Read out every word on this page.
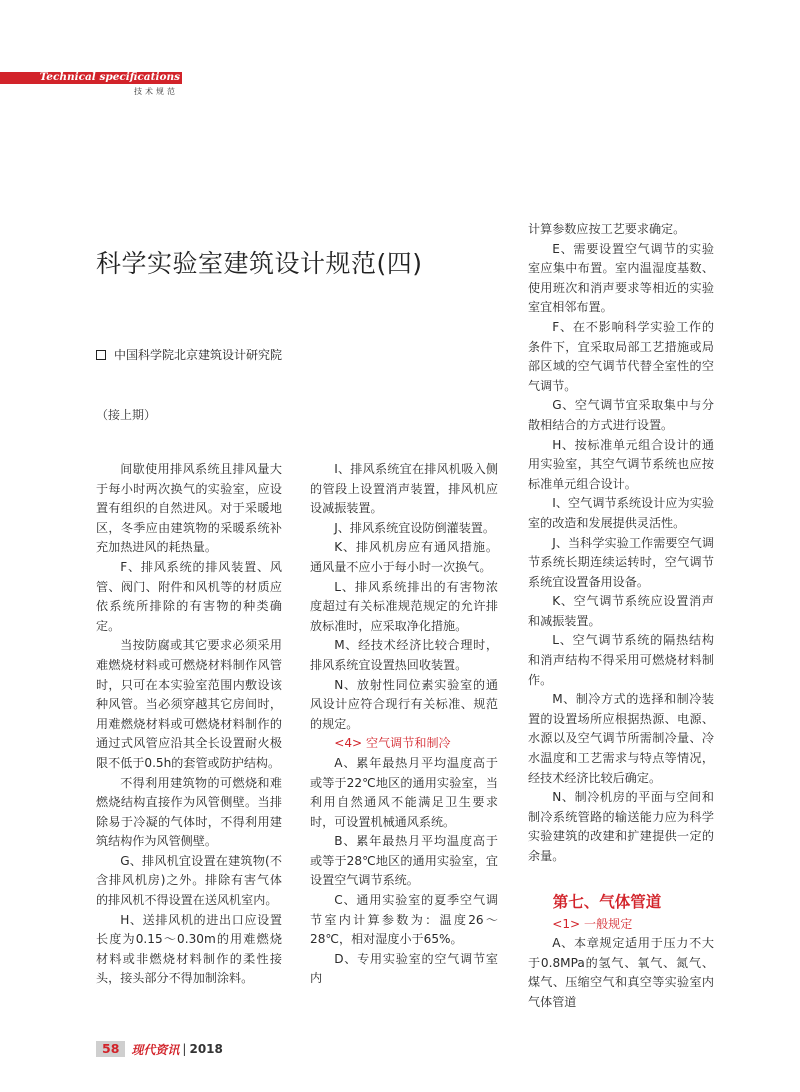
Technical specifications
技术规范
科学实验室建筑设计规范(四)
中国科学院北京建筑设计研究院
（接上期）

间歇使用排风系统且排风量大于每小时两次换气的实验室，应设置有组织的自然进风。对于采暖地区，冬季应由建筑物的采暖系统补充加热进风的耗热量。

F、排风系统的排风装置、风管、阀门、附件和风机等的材质应依系统所排除的有害物的种类确定。

当按防腐或其它要求必须采用难燃烧材料或可燃烧材料制作风管时，只可在本实验室范围内敷设该种风管。当必须穿越其它房间时，用难燃烧材料或可燃烧材料制作的通过式风管应沿其全长设置耐火极限不低于0.5h的套管或防护结构。

不得利用建筑物的可燃烧和难燃烧结构直接作为风管侧壁。当排除易于冷凝的气体时，不得利用建筑结构作为风管侧壁。

G、排风机宜设置在建筑物(不含排风机房)之外。排除有害气体的排风机不得设置在送风机室内。

H、送排风机的进出口应设置长度为0.15～0.30m的用难燃烧材料或非燃烧材料制作的柔性接头，接头部分不得加制涂料。

I、排风系统宜在排风机吸入侧的管段上设置消声装置，排风机应设减振装置。

J、排风系统宜设防倒灌装置。

K、排风机房应有通风措施。通风量不应小于每小时一次换气。

L、排风系统排出的有害物浓度超过有关标准规范规定的允许排放标准时，应采取净化措施。

M、经技术经济比较合理时，排风系统宜设置热回收装置。

N、放射性同位素实验室的通风设计应符合现行有关标准、规范的规定。

<4> 空气调节和制冷

A、累年最热月平均温度高于或等于22℃地区的通用实验室，当利用自然通风不能满足卫生要求时，可设置机械通风系统。

B、累年最热月平均温度高于或等于28℃地区的通用实验室，宜设置空气调节系统。

C、通用实验室的夏季空气调节室内计算参数为：温度26～28℃，相对湿度小于65%。

D、专用实验室的空气调节室内

计算参数应按工艺要求确定。

E、需要设置空气调节的实验室应集中布置。室内温湿度基数、使用班次和消声要求等相近的实验室宜相邻布置。

F、在不影响科学实验工作的条件下，宜采取局部工艺措施或局部区域的空气调节代替全室性的空气调节。

G、空气调节宜采取集中与分散相结合的方式进行设置。

H、按标准单元组合设计的通用实验室，其空气调节系统也应按标准单元组合设计。

I、空气调节系统设计应为实验室的改造和发展提供灵活性。

J、当科学实验工作需要空气调节系统长期连续运转时，空气调节系统宜设置备用设备。

K、空气调节系统应设置消声和减振装置。

L、空气调节系统的隔热结构和消声结构不得采用可燃烧材料制作。

M、制冷方式的选择和制冷装置的设置场所应根据热源、电源、水源以及空气调节所需制冷量、冷水温度和工艺需求与特点等情况，经技术经济比较后确定。

N、制冷机房的平面与空间和制冷系统管路的输送能力应为科学实验建筑的改建和扩建提供一定的余量。

第七、气体管道

<1> 一般规定

A、本章规定适用于压力不大于0.8MPa的氢气、氧气、氮气、煤气、压缩空气和真空等实验室内气体管道

58	现代资讯 | 2018
